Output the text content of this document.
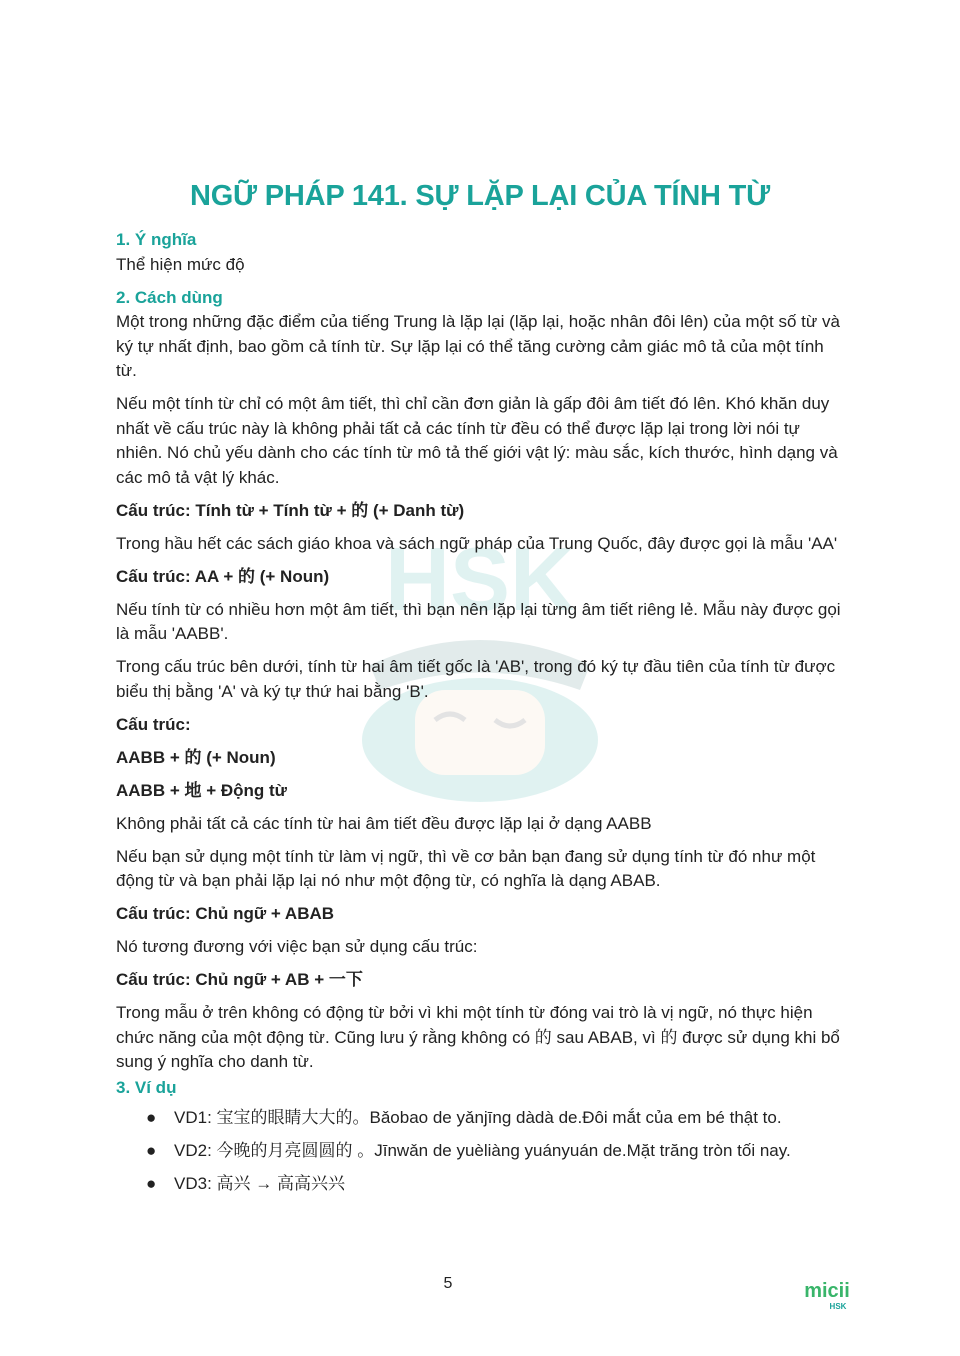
HSK
NGỮ PHÁP 141. SỰ LẶP LẠI CỦA TÍNH TỪ

1. Ý nghĩa

Thể hiện mức độ

2. Cách dùng

Một trong những đặc điểm của tiếng Trung là lặp lại (lặp lại, hoặc nhân đôi lên) của một số từ và ký tự nhất định, bao gồm cả tính từ. Sự lặp lại có thể tăng cường cảm giác mô tả của một tính từ.

Nếu một tính từ chỉ có một âm tiết, thì chỉ cần đơn giản là gấp đôi âm tiết đó lên. Khó khăn duy nhất về cấu trúc này là không phải tất cả các tính từ đều có thể được lặp lại trong lời nói tự nhiên. Nó chủ yếu dành cho các tính từ mô tả thế giới vật lý: màu sắc, kích thước, hình dạng và các mô tả vật lý khác.

Cấu trúc: Tính từ + Tính từ + 的 (+ Danh từ)

Trong hầu hết các sách giáo khoa và sách ngữ pháp của Trung Quốc, đây được gọi là mẫu 'AA'

Cấu trúc: AA + 的 (+ Noun)

Nếu tính từ có nhiều hơn một âm tiết, thì bạn nên lặp lại từng âm tiết riêng lẻ. Mẫu này được gọi là mẫu 'AABB'.

Trong cấu trúc bên dưới, tính từ hai âm tiết gốc là 'AB', trong đó ký tự đầu tiên của tính từ được biểu thị bằng 'A' và ký tự thứ hai bằng 'B'.

Cấu trúc:

AABB + 的 (+ Noun)

AABB + 地 + Động từ

Không phải tất cả các tính từ hai âm tiết đều được lặp lại ở dạng AABB

Nếu bạn sử dụng một tính từ làm vị ngữ, thì về cơ bản bạn đang sử dụng tính từ đó như một động từ và bạn phải lặp lại nó như một động từ, có nghĩa là dạng ABAB.

Cấu trúc: Chủ ngữ + ABAB

Nó tương đương với việc bạn sử dụng cấu trúc:

Cấu trúc: Chủ ngữ + AB + 一下

Trong mẫu ở trên không có động từ bởi vì khi một tính từ đóng vai trò là vị ngữ, nó thực hiện chức năng của một động từ. Cũng lưu ý rằng không có 的 sau ABAB, vì 的 được sử dụng khi bổ sung ý nghĩa cho danh từ.

3. Ví dụ

● VD1: 宝宝的眼睛大大的。Bǎobao de yǎnjīng dàdà de.Đôi mắt của em bé thật to.
● VD2: 今晚的月亮圆圆的 。Jīnwǎn de yuèliàng yuányuán de.Mặt trăng tròn tối nay.
● VD3: 高兴 → 高高兴兴
5	micii
HSK
